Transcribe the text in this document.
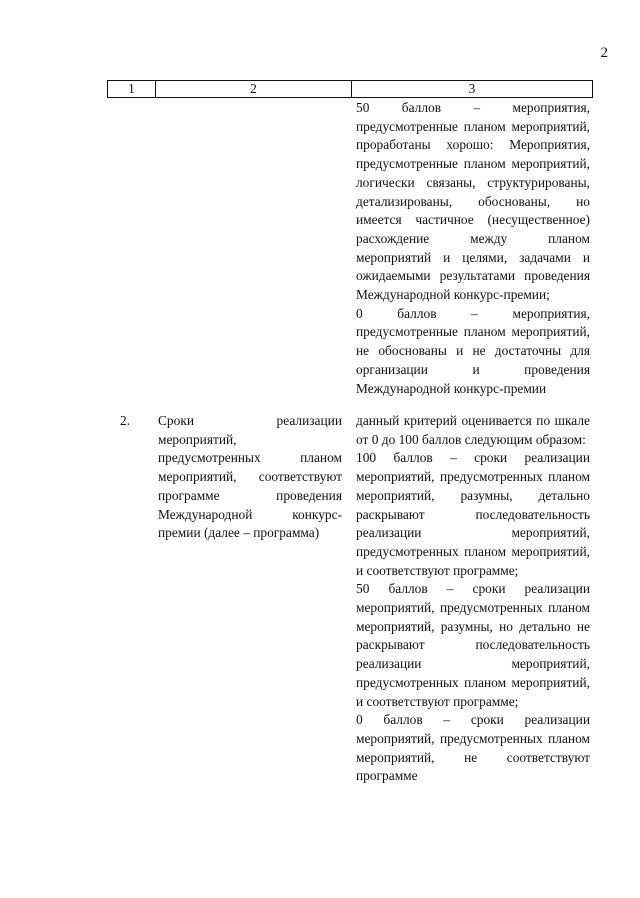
2
1	2	3

50 баллов – мероприятия, предусмотренные планом мероприятий, проработаны хорошо: Мероприятия, предусмотренные планом мероприятий, логически связаны, структурированы, детализированы, обоснованы, но имеется частичное (несущественное) расхождение между планом мероприятий и целями, задачами и ожидаемыми результатами проведения Международной конкурс-премии;

0 баллов – мероприятия, предусмотренные планом мероприятий, не обоснованы и не достаточны для организации и проведения Международной конкурс-премии

2. Сроки реализации мероприятий, предусмотренных планом мероприятий, соответствуют программе проведения Международной конкурс-премии (далее – программа)

данный критерий оценивается по шкале от 0 до 100 баллов следующим образом:

100 баллов – сроки реализации мероприятий, предусмотренных планом мероприятий, разумны, детально раскрывают последовательность реализации мероприятий, предусмотренных планом мероприятий, и соответствуют программе;

50 баллов – сроки реализации мероприятий, предусмотренных планом мероприятий, разумны, но детально не раскрывают последовательность реализации мероприятий, предусмотренных планом мероприятий, и соответствуют программе;

0 баллов – сроки реализации мероприятий, предусмотренных планом мероприятий, не соответствуют программе
